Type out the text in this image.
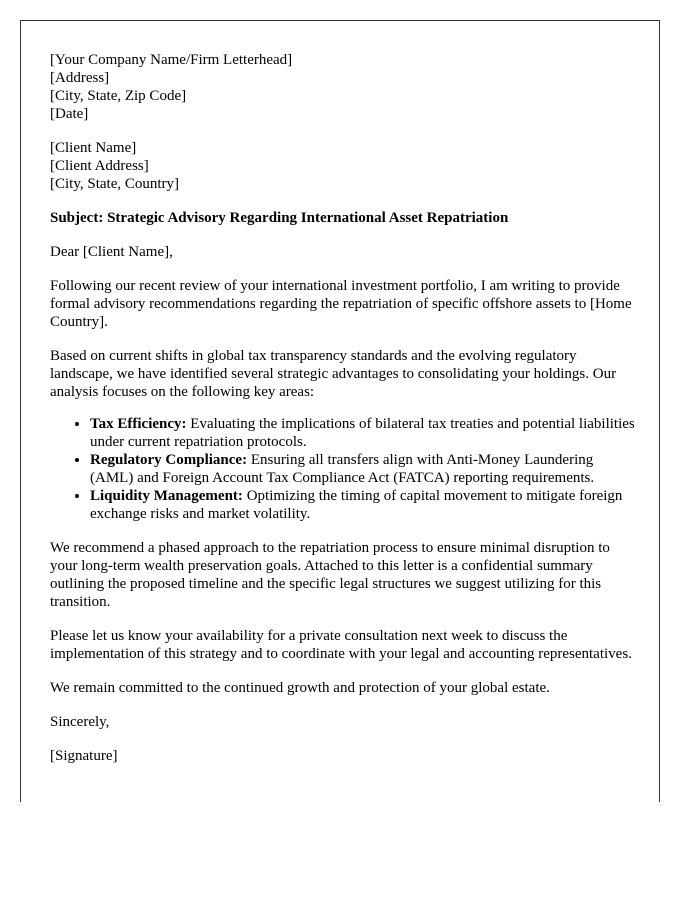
[Your Company Name/Firm Letterhead]
[Address]
[City, State, Zip Code]
[Date]
[Client Name]
[Client Address]
[City, State, Country]

Subject: Strategic Advisory Regarding International Asset Repatriation

Dear [Client Name],

Following our recent review of your international investment portfolio, I am writing to provide formal advisory recommendations regarding the repatriation of specific offshore assets to [Home Country].

Based on current shifts in global tax transparency standards and the evolving regulatory landscape, we have identified several strategic advantages to consolidating your holdings. Our analysis focuses on the following key areas:

• Tax Efficiency: Evaluating the implications of bilateral tax treaties and potential liabilities under current repatriation protocols.
• Regulatory Compliance: Ensuring all transfers align with Anti-Money Laundering (AML) and Foreign Account Tax Compliance Act (FATCA) reporting requirements.
• Liquidity Management: Optimizing the timing of capital movement to mitigate foreign exchange risks and market volatility.

We recommend a phased approach to the repatriation process to ensure minimal disruption to your long-term wealth preservation goals. Attached to this letter is a confidential summary outlining the proposed timeline and the specific legal structures we suggest utilizing for this transition.

Please let us know your availability for a private consultation next week to discuss the implementation of this strategy and to coordinate with your legal and accounting representatives.

We remain committed to the continued growth and protection of your global estate.

Sincerely,

[Signature]
